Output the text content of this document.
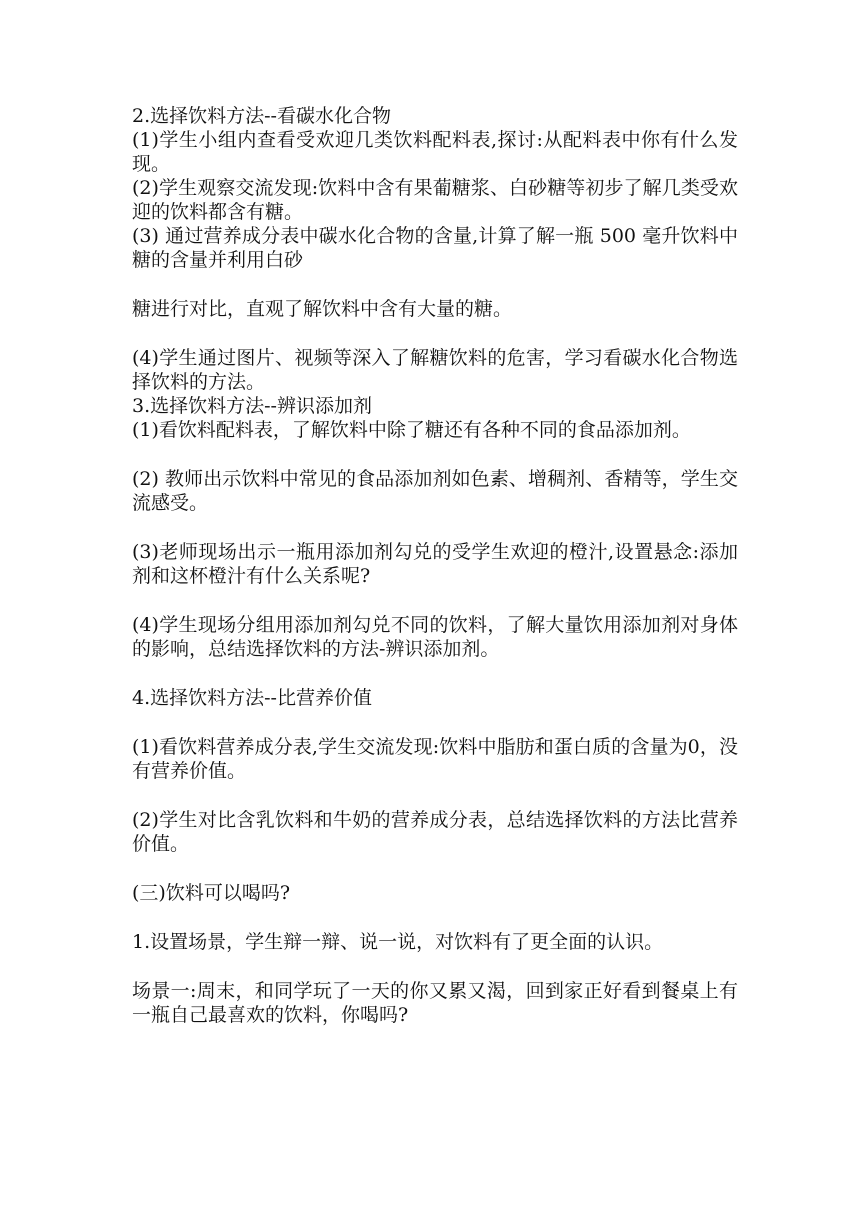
2.选择饮料方法--看碳水化合物

(1)学生小组内查看受欢迎几类饮料配料表,探讨:从配料表中你有什么发现。

(2)学生观察交流发现:饮料中含有果葡糖浆、白砂糖等初步了解几类受欢迎的饮料都含有糖。

(3) 通过营养成分表中碳水化合物的含量,计算了解一瓶 500 毫升饮料中糖的含量并利用白砂

糖进行对比，直观了解饮料中含有大量的糖。

(4)学生通过图片、视频等深入了解糖饮料的危害，学习看碳水化合物选择饮料的方法。

3.选择饮料方法--辨识添加剂

(1)看饮料配料表，了解饮料中除了糖还有各种不同的食品添加剂。

(2) 教师出示饮料中常见的食品添加剂如色素、增稠剂、香精等，学生交流感受。

(3)老师现场出示一瓶用添加剂勾兑的受学生欢迎的橙汁,设置悬念:添加剂和这杯橙汁有什么关系呢?

(4)学生现场分组用添加剂勾兑不同的饮料，了解大量饮用添加剂对身体的影响，总结选择饮料的方法-辨识添加剂。

4.选择饮料方法--比营养价值

(1)看饮料营养成分表,学生交流发现:饮料中脂肪和蛋白质的含量为0，没有营养价值。

(2)学生对比含乳饮料和牛奶的营养成分表，总结选择饮料的方法比营养价值。

(三)饮料可以喝吗?

1.设置场景，学生辩一辩、说一说，对饮料有了更全面的认识。

场景一:周末，和同学玩了一天的你又累又渴，回到家正好看到餐桌上有一瓶自己最喜欢的饮料，你喝吗?
